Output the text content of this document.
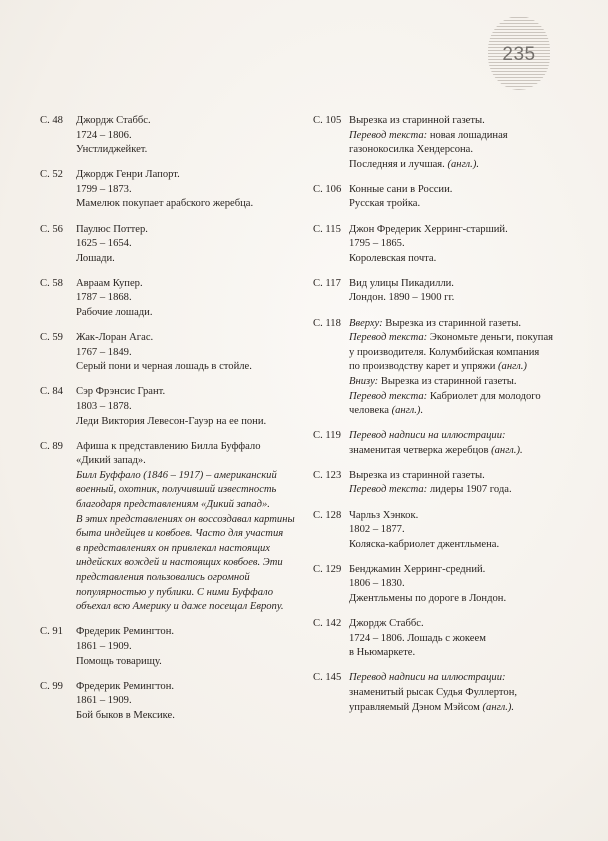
235
С. 48	Джордж Стаббс.
1724 – 1806.
Унстлиджейкет.
С. 52	Джордж Генри Лапорт.
1799 – 1873.
Мамелюк покупает арабского жеребца.
С. 56	Паулюс Поттер.
1625 – 1654.
Лошади.
С. 58	Авраам Купер.
1787 – 1868.
Рабочие лошади.
С. 59	Жак-Лоран Агас.
1767 – 1849.
Серый пони и черная лошадь в стойле.
С. 84	Сэр Фрэнсис Грант.
1803 – 1878.
Леди Виктория Левесон-Гауэр на ее пони.
С. 89	Афиша к представлению Билла Буффало
«Дикий запад».
Билл Буффало (1846 – 1917) – американский
военный, охотник, получивший известность
благодаря представлениям «Дикий запад».
В этих представлениях он воссоздавал картины
быта индейцев и ковбоев. Часто для участия
в представлениях он привлекал настоящих
индейских вождей и настоящих ковбоев. Эти
представления пользовались огромной
популярностью у публики. С ними Буффало
объехал всю Америку и даже посещал Европу.
С. 91	Фредерик Ремингтон.
1861 – 1909.
Помощь товарищу.
С. 99	Фредерик Ремингтон.
1861 – 1909.
Бой быков в Мексике.
С. 105 Вырезка из старинной газеты.
Перевод текста: новая лошадиная
газонокосилка Хендерсона.
Последняя и лучшая. (англ.).
С. 106 Конные сани в России.
Русская тройка.
С. 115 Джон Фредерик Херринг-старший.
1795 – 1865.
Королевская почта.
С. 117 Вид улицы Пикадилли.
Лондон. 1890 – 1900 гг.
С. 118 Вверху: Вырезка из старинной газеты.
Перевод текста: Экономьте деньги, покупая
у производителя. Колумбийская компания
по производству карет и упряжи (англ.)
Внизу: Вырезка из старинной газеты.
Перевод текста: Кабриолет для молодого
человека (англ.).
С. 119 Перевод надписи на иллюстрации:
знаменитая четверка жеребцов (англ.).
С. 123 Вырезка из старинной газеты.
Перевод текста: лидеры 1907 года.
С. 128 Чарльз Хэнкок.
1802 – 1877.
Коляска-кабриолет джентльмена.
С. 129 Бенджамин Херринг-средний.
1806 – 1830.
Джентльмены по дороге в Лондон.
С. 142 Джордж Стаббс.
1724 – 1806. Лошадь с жокеем
в Ньюмаркете.
С. 145 Перевод надписи на иллюстрации:
знаменитый рысак Судья Фуллертон,
управляемый Дэном Мэйсом (англ.).
